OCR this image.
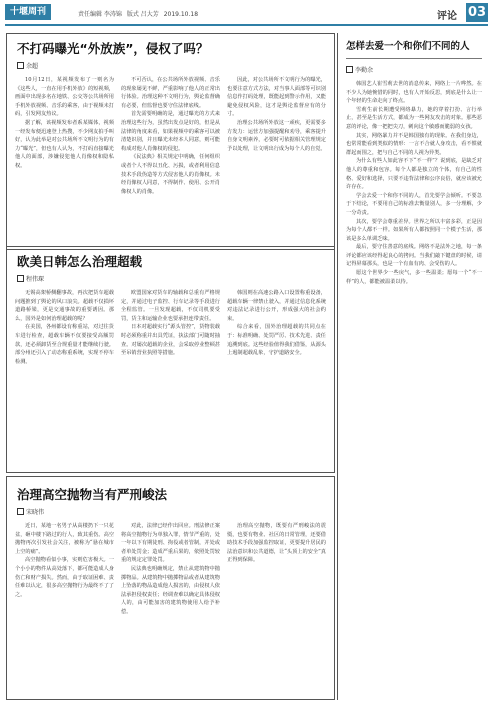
十堰周刊	责任编辑 李涛锦 版式 吕大芳 2019.10.18	评论 03
不打码曝光“外放族”，侵权了吗？
余超

10月12日，某视频发布了一则名为《这些人，一直在用手机外放》的短视频，画面中出现多名在地铁、公交等公共场所用手机外放视频、音乐的乘客，由于视频未打码，引发网友热议。

据了解，该视频发布者系某媒体，视频一经发布便迅速登上热搜，不少网友拍手叫好，认为此举是对公共场所不文明行为的有力“曝光”，但也有人认为，不打码直接曝光他人的面部，涉嫌侵犯他人肖像权和隐私权。

不可否认，在公共场所外放视频、音乐的现象屡见不鲜，严重影响了他人的正常出行体验。治理这种不文明行为，舆论监督确有必要，但监督也要守住法律底线。

首先需要明确的是，通过曝光的方式来治理这些行为，虽然出发点是好的，但是从法律的角度来看，如果视频中的乘客可以被清楚识别，并且曝光未经本人同意，则可能构成对他人肖像权的侵犯。

《民法典》相关规定中明确，任何组织或者个人不得以丑化、污损，或者利用信息技术手段伪造等方式侵害他人的肖像权。未经肖像权人同意，不得制作、使用、公开肖像权人的肖像。

因此，对公共场所不文明行为的曝光，也要注意方式方法，对当事人面部等可识别信息作打码处理，既能起到警示作用，又能避免侵权风险，这才是舆论监督应有的分寸。

治理公共场所外放这一顽疾，更需要多方发力：运营方加强提醒和劝导，乘客提升自身文明素养，必要时可依据相关管理规定予以处理，让文明出行成为每个人的自觉。

欧美日韩怎么治理超载
程伟琛

无锡高架桥侧翻事故，再次把货车超载问题推到了舆论的风口浪尖。超载不仅损坏道路桥梁，更是交通事故的重要诱因。那么，国外是如何治理超载的呢？

在美国，各州都设有称重站，对过往货车进行检查，超载车辆不仅要接受高额罚款，还必须卸货至合规重量才能继续行驶。部分州还引入了动态称重系统，实现不停车检测。

欧盟国家对货车的轴载和总重有严格规定，并通过电子监控、行车记录等手段进行全程监管。一旦发现超载，不仅司机要受罚，货主和运输企业也要承担连带责任。

日本对超载实行“源头管控”，货物装载时必须称重并出具凭证，执法部门可随时抽查。对屡次超载的企业，会采取停业整顿甚至吊销营业执照等措施。

韩国则在高速公路入口设置称重设备，超载车辆一律禁止驶入，并通过信息化系统对违法记录进行公开，形成强大的社会约束。

综合来看，国外治理超载的共同点在于：标准明确、处罚严厉、技术先进、责任追溯到底。这些经验值得我们借鉴，从源头上遏制超载乱象，守护道路安全。

治理高空抛物当有严刑峻法
宋晓伟

近日，某地一名男子从高楼扔下一只花盆，砸中楼下路过的行人，致其重伤。高空抛物再次引发社会关注，被称为“悬在城市上空的痛”。

高空抛物看似小事，实则危害极大。一个小小的物件从高处落下，都可能造成人身伤亡和财产损失。然而，由于取证困难、责任难以认定，很多高空抛物行为最终不了了之。

对此，法律已经作出回应。刑法修正案将高空抛物行为单独入罪，情节严重的，处一年以下有期徒刑、拘役或者管制，并处或者单处罚金；造成严重后果的，依照处罚较重的规定定罪处罚。

民法典也明确规定，禁止从建筑物中抛掷物品。从建筑物中抛掷物品或者从建筑物上坠落的物品造成他人损害的，由侵权人依法承担侵权责任；经调查难以确定具体侵权人的，由可能加害的建筑物使用人给予补偿。

治理高空抛物，既要有严刑峻法的震慑，也要有物业、社区的日常管理，还要借助技术手段加强监控取证，更要提升居民的法治意识和公共道德，让“头顶上的安全”真正得到保障。

怎样去爱一个和你们不同的人
李勤余

韩国艺人崔雪莉去世的消息传来，网络上一片哗然。在不少人为她惋惜的同时，也有人开始反思，到底是什么让一个年轻的生命走向了终点。

雪莉生前长期遭受网络暴力，她的穿着打扮、言行举止，甚至是生活方式，都成为一些网友攻击的对象。那些恶意的评论，像一把把尖刀，刺向这个敏感而脆弱的女孩。

其实，网络暴力并不是韩国独有的现象。在我们身边，也常常能看到类似的情形：一言不合就人身攻击，看不惯就群起而围之，把与自己不同的人视为异类。

为什么有些人如此容不下“不一样”？说到底，是缺乏对他人的尊重和包容。每个人都是独立的个体，有自己的性格、爱好和选择，只要不违背法律和公序良俗，就应该被允许存在。

学会去爱一个和你不同的人，首先要学会倾听。不要急于下结论，不要用自己的标准去衡量别人，多一分理解，少一分苛责。

其次，要学会尊重差异。世界之所以丰富多彩，正是因为每个人都不一样。如果所有人都按照同一个模子生活，那该是多么单调乏味。

最后，要守住善意的底线。网络不是法外之地，每一条评论都应该经得起良心的拷问。当我们敲下键盘的时候，请记得屏幕那头，也是一个有血有肉、会受伤的人。

愿这个世界少一些戾气，多一些温柔；愿每一个“不一样”的人，都能被温柔以待。
